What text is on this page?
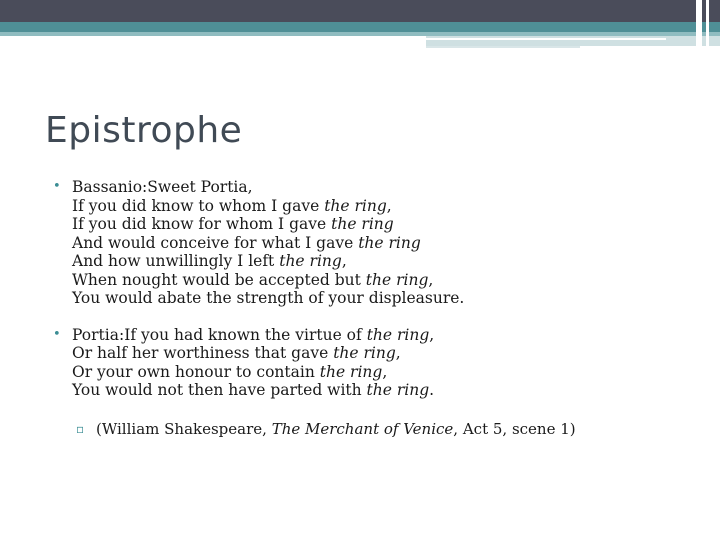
Epistrophe
• Bassanio:Sweet Portia,

If you did know to whom I gave the ring,

If you did know for whom I gave the ring

And would conceive for what I gave the ring

And how unwillingly I left the ring,

When nought would be accepted but the ring,

You would abate the strength of your displeasure.

• Portia:If you had known the virtue of the ring,

Or half her worthiness that gave the ring,

Or your own honour to contain the ring,

You would not then have parted with the ring.

▫ (William Shakespeare, The Merchant of Venice, Act 5, scene 1)
